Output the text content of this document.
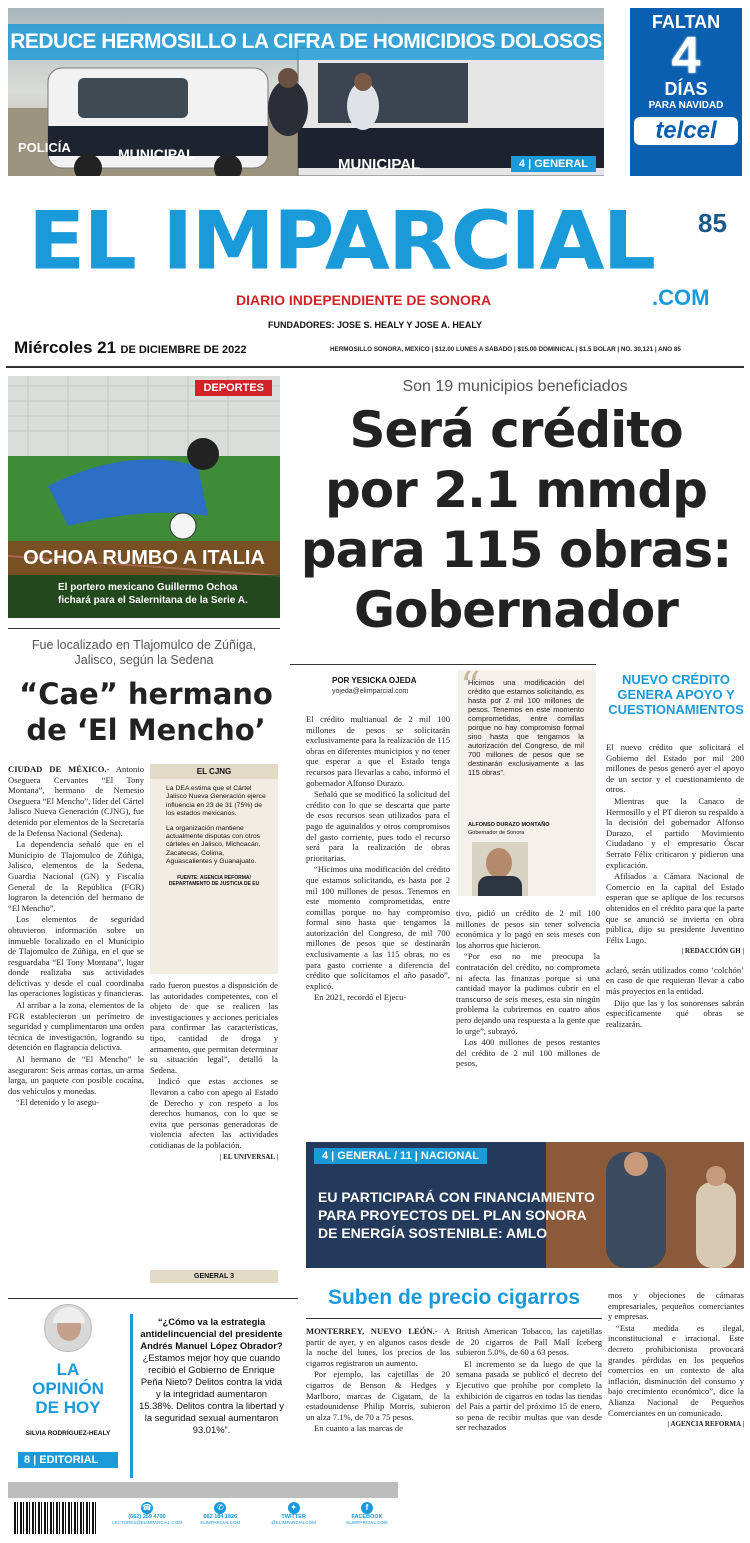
REDUCE HERMOSILLO LA CIFRA DE HOMICIDIOS DOLOSOS
POLICÍA	MUNICIPAL
MUNICIPAL	4 | GENERAL
FALTAN
4
DÍAS
PARA NAVIDAD
telcel
EL IMPARCIAL	85
DIARIO INDEPENDIENTE DE SONORA	.COM
FUNDADORES: JOSE S. HEALY Y JOSE A. HEALY
Miércoles 21 DE DICIEMBRE DE 2022	HERMOSILLO SONORA, MÉXICO | $12.00 LUNES A SÁBADO | $15.00 DOMINICAL | $1.5 DÓLAR | NO. 30,121 | AÑO 85
DEPORTES
OCHOA RUMBO A ITALIA
El portero mexicano Guillermo Ochoa fichará para el Salernitana de la Serie A.
Son 19 municipios beneficiados
Será crédito
por 2.1 mmdp
para 115 obras:
Gobernador
POR YESICKA OJEDA
yojeda@elimparcial.com

El crédito multianual de 2 mil 100 millones de pesos se solicitarán exclusivamente para la realización de 115 obras en diferentes municipios y no tener que esperar a que el Estado tenga recursos para llevarlas a cabo, informó el gobernador Alfonso Durazo.

Señaló que se modificó la solicitud del crédito con lo que se descarta que parte de esos recursos sean utilizados para el pago de aguinaldos y otros compromisos del gasto corriente, pues todo el recurso será para la realización de obras prioritarias.

“Hicimos una modificación del crédito que estamos solicitando, es hasta por 2 mil 100 millones de pesos. Tenemos en este momento comprometidas, entre comillas porque no hay compromiso formal sino hasta que tengamos la autorización del Congreso, de mil 700 millones de pesos que se destinarán exclusivamente a las 115 obras, no es para gasto corriente a diferencia del crédito que solicitamos el año pasado”, explicó.

En 2021, recordó el Ejecu-

“
Hicimos una modificación del crédito que estamos solicitando, es hasta por 2 mil 100 millones de pesos. Tenemos en este momento comprometidas, entre comillas porque no hay compromiso formal sino hasta que tengamos la autorización del Congreso, de mil 700 millones de pesos que se destinarán exclusivamente a las 115 obras”.
ALFONSO DURAZO MONTAÑO
Gobernador de Sonora

tivo, pidió un crédito de 2 mil 100 millones de pesos sin tener solvencia económica y lo pagó en seis meses con los ahorros que hicieron.

“Por eso no me preocupa la contratación del crédito, no comprometa ni afecta las finanzas porque si una cantidad mayor la pudimos cubrir en el transcurso de seis meses, esta sin ningún problema la cubriremos en cuatro años pero dejando una respuesta a la gente que lo urge”, subrayó.

Los 400 millones de pesos restantes del crédito de 2 mil 100 millones de pesos,

NUEVO CRÉDITO GENERA APOYO Y CUESTIONAMIENTOS

El nuevo crédito que solicitará el Gobierno del Estado por mil 200 millones de pesos generó ayer el apoyo de un sector y el cuestionamiento de otros.

Mientras que la Canaco de Hermosillo y el PT dieron su respaldo a la decisión del gobernador Alfonso Durazo, el partido Movimiento Ciudadano y el empresario Óscar Serrato Félix criticaron y pidieron una explicación.

Afiliados a Cámara Nacional de Comercio en la capital del Estado esperan que se aplique de los recursos obtenidos en el crédito para que la parte que se anunció se invierta en obra pública, dijo su presidente Juventino Félix Lugo.

| REDACCIÓN GH |

aclaró, serán utilizados como ‘colchón’ en caso de que requieran llevar a cabo más proyectos en la entidad.

Dijo que las y los sonorenses sabrán específicamente qué obras se realizarán.

Fue localizado en Tlajomulco de Zúñiga, Jalisco, según la Sedena
“Cae” hermano
de ‘El Mencho’

CIUDAD DE MÉXICO.- Antonio Oseguera Cervantes “El Tony Montana”, hermano de Nemesio Oseguera “El Mencho”, líder del Cártel Jalisco Nueva Generación (CJNG), fue detenido por elementos de la Secretaría de la Defensa Nacional (Sedena).

La dependencia señaló que en el Municipio de Tlajomulco de Zúñiga, Jalisco, elementos de la Sedena, Guardia Nacional (GN) y Fiscalía General de la República (FGR) lograron la detención del hermano de “El Mencho”.

Los elementos de seguridad obtuvieron información sobre un inmueble localizado en el Municipio de Tlajomulco de Zúñiga, en el que se resguardaba “El Tony Montana”, lugar donde realizaba sus actividades delictivas y desde el cual coordinaba las operaciones logísticas y financieras.

Al arribar a la zona, elementos de la FGR establecieron un perímetro de seguridad y cumplimentaron una orden técnica de investigación, logrando su detención en flagrancia delictiva.

Al hermano de “El Mencho” le aseguraron: Seis armas cortas, un arma larga, un paquete con posible cocaína, dos vehículos y monedas.

“El detenido y lo asegu-

EL CJNG
La DEA estima que el Cártel Jalisco Nueva Generación ejerce influencia en 23 de 31 (75%) de los estados mexicanos.
La organización mantiene actualmente disputas con otros cárteles en Jalisco, Michoacán, Zacatecas, Colima, Aguascalientes y Guanajuato.
FUENTE: AGENCIA REFORMA/ DEPARTAMENTO DE JUSTICIA DE EU

rado fueron puestos a disposición de las autoridades competentes, con el objeto de que se realicen las investigaciones y acciones periciales para confirmar las características, tipo, cantidad de droga y armamento, que permitan determinar su situación legal”, detalló la Sedena.

Indicó que estas acciones se llevaron a cabo con apego al Estado de Derecho y con respeto a los derechos humanos, con lo que se evita que personas generadoras de violencia afecten las actividades cotidianas de la población.

| EL UNIVERSAL |

GENERAL 3
4 | GENERAL / 11 | NACIONAL
EU PARTICIPARÁ CON FINANCIAMIENTO PARA PROYECTOS DEL PLAN SONORA DE ENERGÍA SOSTENIBLE: AMLO
Suben de precio cigarros

MONTERREY, NUEVO LEÓN.- A partir de ayer, y en algunos casos desde la noche del lunes, los precios de los cigarros registraron un aumento.

Por ejemplo, las cajetillas de 20 cigarros de Benson & Hedges y Marlboro, marcas de Cigatam, de la estadounidense Philip Morris, subieron un alza 7.1%, de 70 a 75 pesos.

En cuanto a las marcas de

British American Tobacco, las cajetillas de 20 cigarros de Pall Mall Iceberg subieron 5.0%, de 60 a 63 pesos.

El incremento se da luego de que la semana pasada se publicó el decreto del Ejecutivo que prohíbe por completo la exhibición de cigarros en todas las tiendas del País a partir del próximo 15 de enero, so pena de recibir multas que van desde ser rechazados

mos y objeciones de cámaras empresariales, pequeños comerciantes y empresas.

“Esta medida es ilegal, inconstitucional e irracional. Este decreto prohibicionista provocará grandes pérdidas en los pequeños comercios en un contexto de alta inflación, disminución del consumo y bajo crecimiento económico”, dice la Alianza Nacional de Pequeños Comerciantes en un comunicado.

| AGENCIA REFORMA |

LA
OPINIÓN
DE HOY
SILVIA RODRÍGUEZ-HEALY
8 | EDITORIAL
“¿Cómo va la estrategia antidelincuencial del presidente Andrés Manuel López Obrador?
¿Estamos mejor hoy que cuando recibió el Gobierno de Enrique Peña Nieto? Delitos contra la vida y la integridad aumentaron 15.38%. Delitos contra la libertad y la seguridad sexual aumentaron 93.01%”.
☎
(662) 259 4700
LECTORES@ELIMPARCIAL.COM
✆
662 184 1826
ELIMPARCIALCOM
✦
TWITTER
@ELIMPARCIALCOM
f
FACEBOOK
ELIMPARCIAL.COM
